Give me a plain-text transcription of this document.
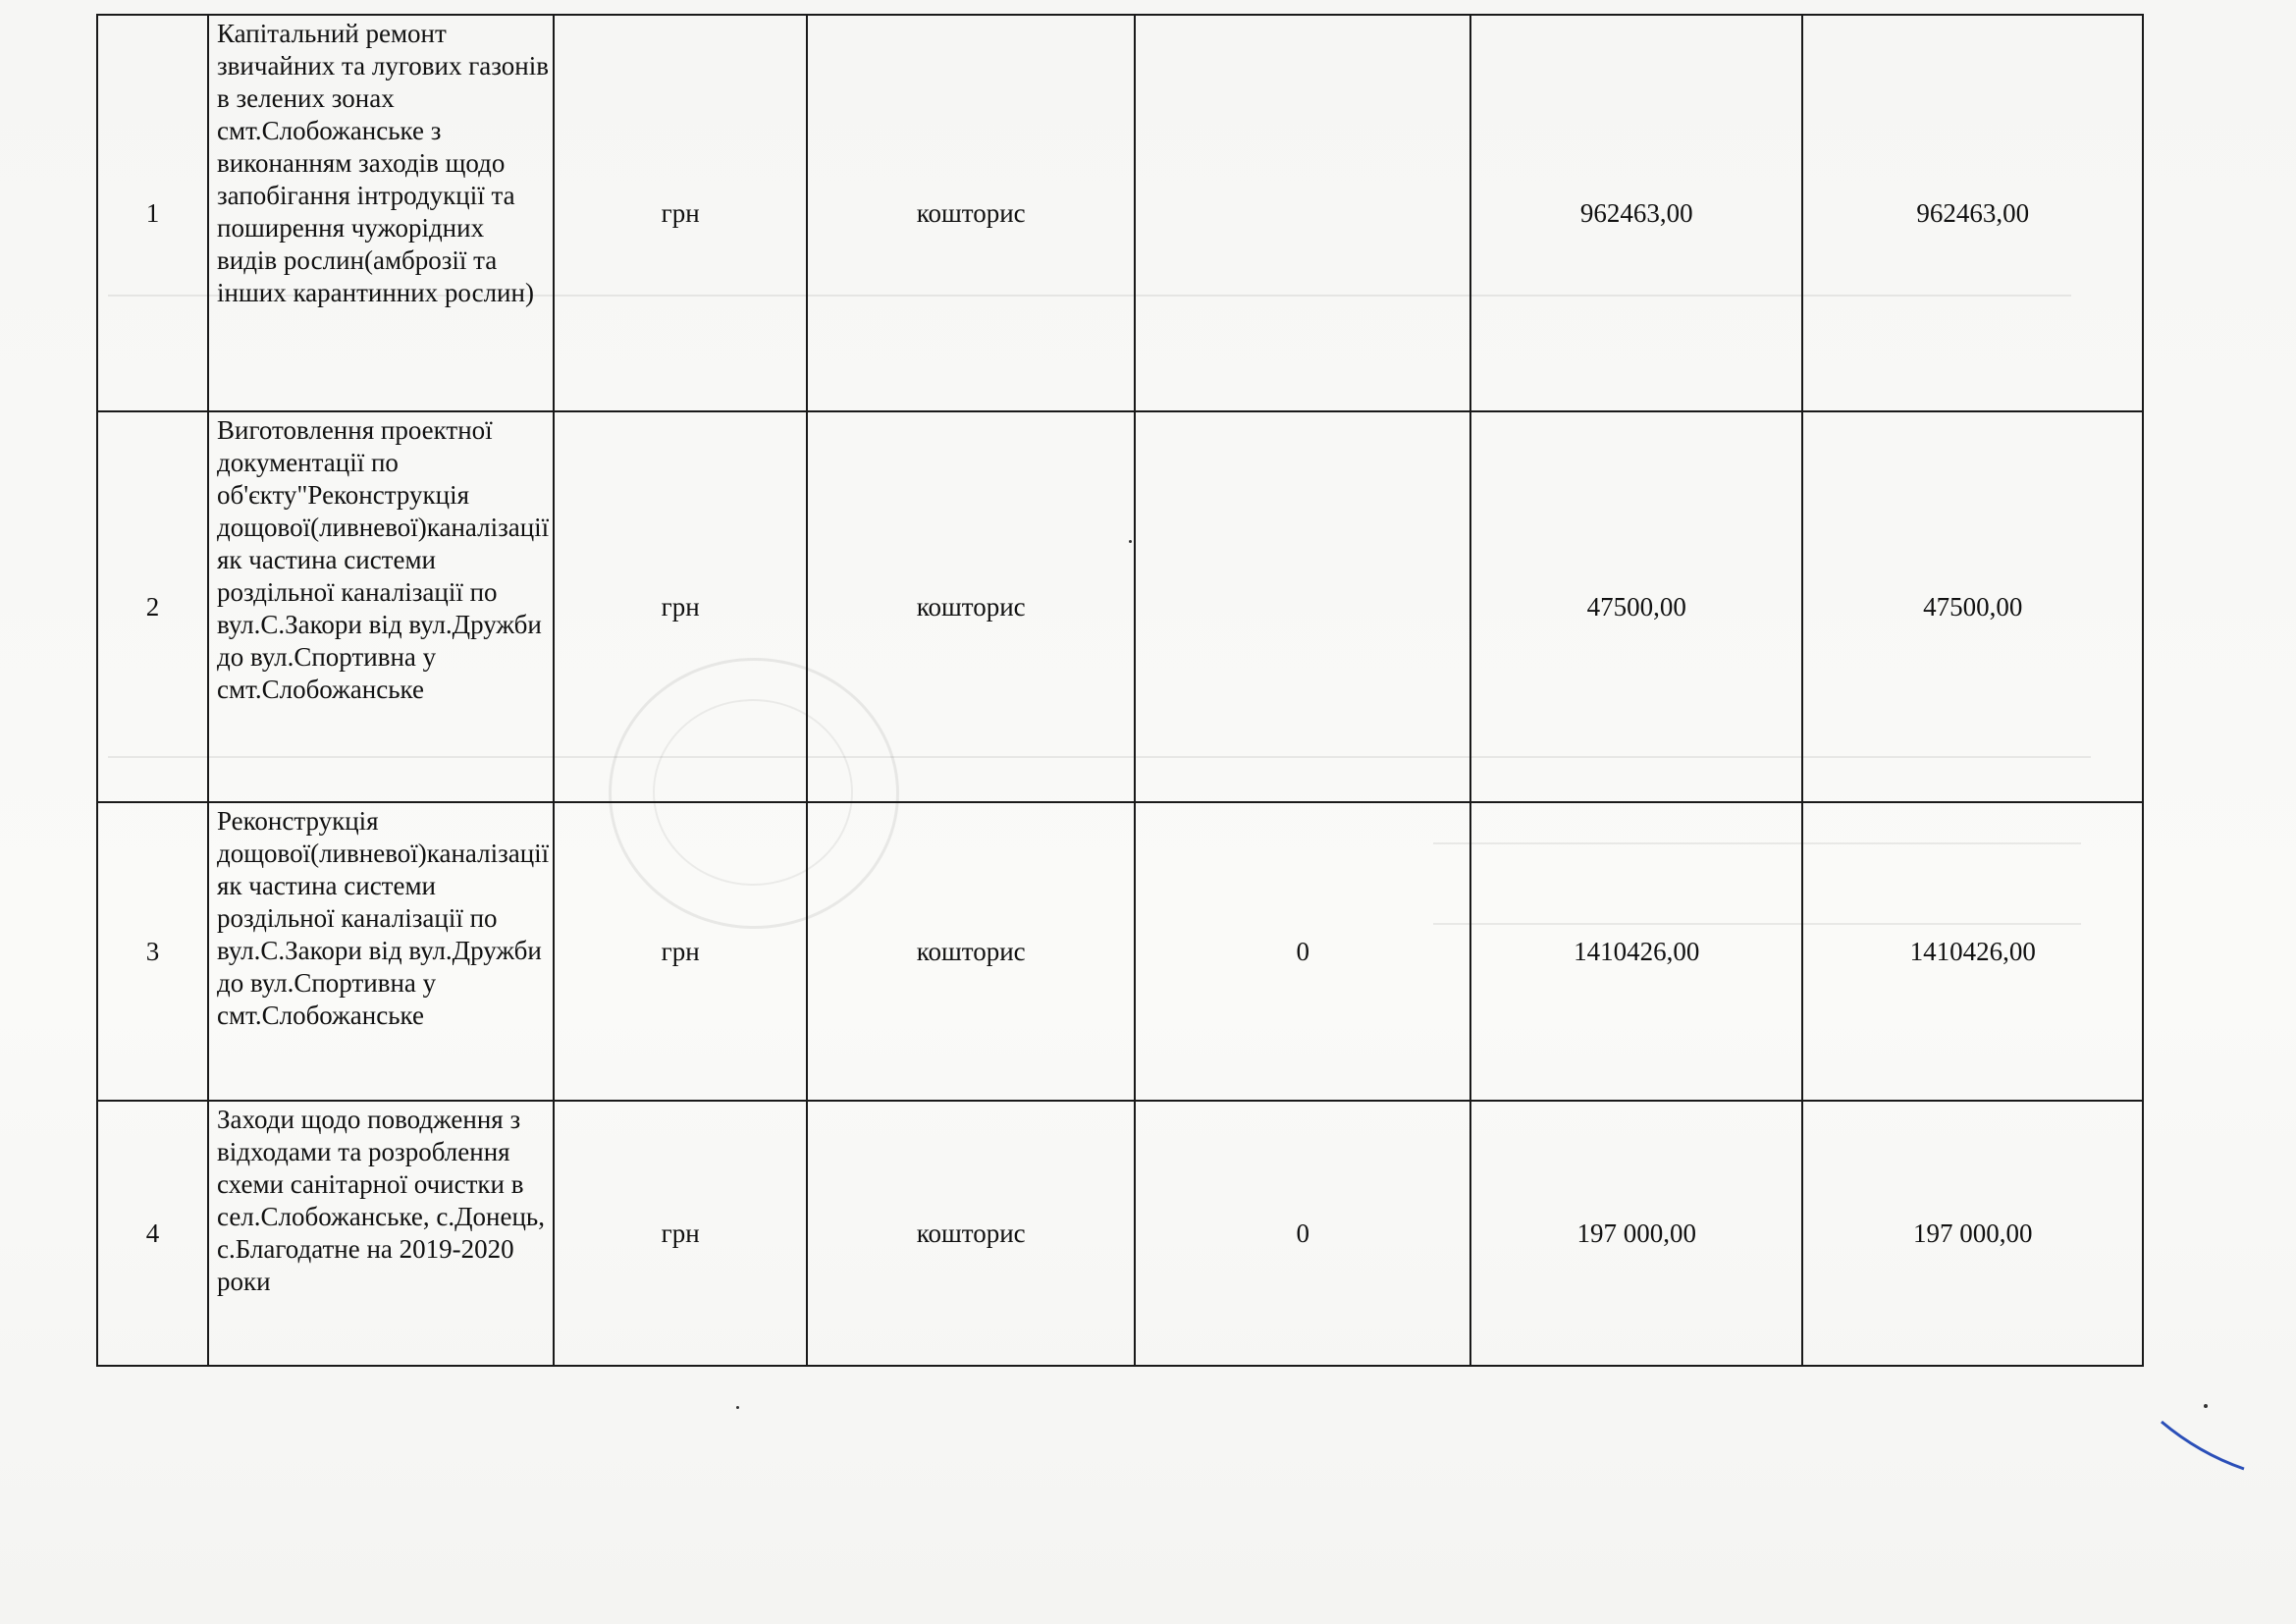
1	Капітальний ремонт звичайних та лугових газонів в зелених зонах смт.Слобожанське з виконанням заходів щодо запобігання інтродукції та поширення чужорідних видів рослин(амброзії та інших карантинних рослин)	грн	кошторис		962463,00	962463,00
2	Виготовлення проектної документації по об'єкту"Реконструкція дощової(ливневої)каналізації як частина системи роздільної каналізації по вул.С.Закори від вул.Дружби до вул.Спортивна у смт.Слобожанське	грн	кошторис		47500,00	47500,00
3	Реконструкція дощової(ливневої)каналізації як частина системи роздільної каналізації по вул.С.Закори від вул.Дружби до вул.Спортивна у смт.Слобожанське	грн	кошторис	0	1410426,00	1410426,00
4	Заходи щодо поводження з відходами та розроблення схеми санітарної очистки в сел.Слобожанське, с.Донець, с.Благодатне на 2019-2020 роки	грн	кошторис	0	197 000,00	197 000,00
